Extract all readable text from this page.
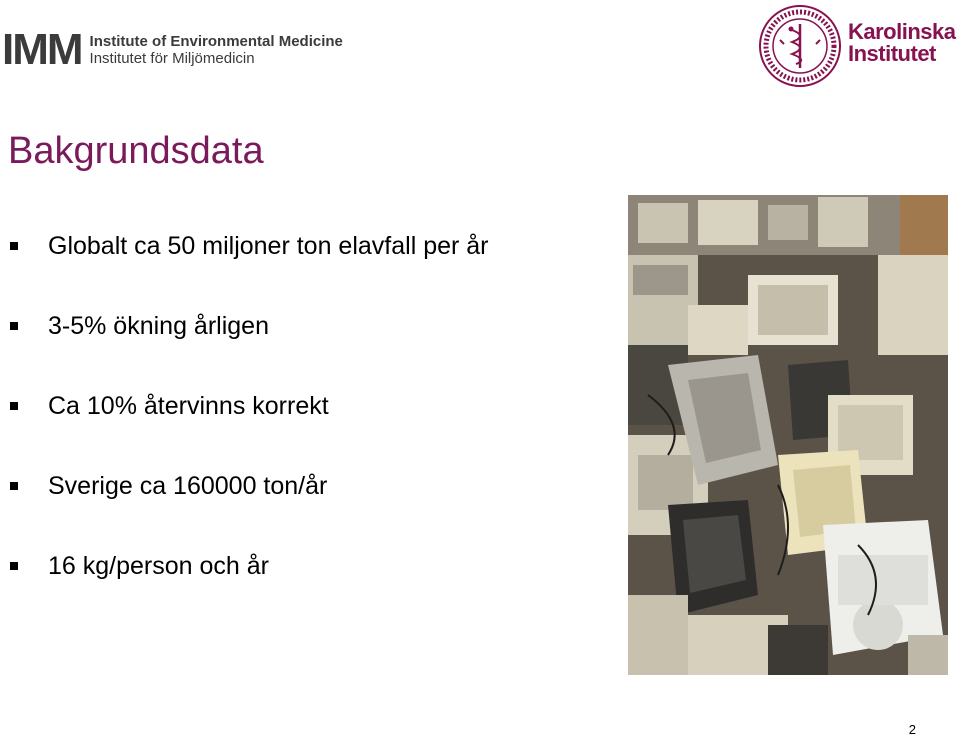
IMM Institute of Environmental Medicine
Institutet för Miljömedicin
Karolinska
Institutet
Bakgrundsdata
Globalt ca 50 miljoner ton elavfall per år
3-5% ökning årligen
Ca 10% återvinns korrekt
Sverige ca 160000 ton/år
16 kg/person och år
2
